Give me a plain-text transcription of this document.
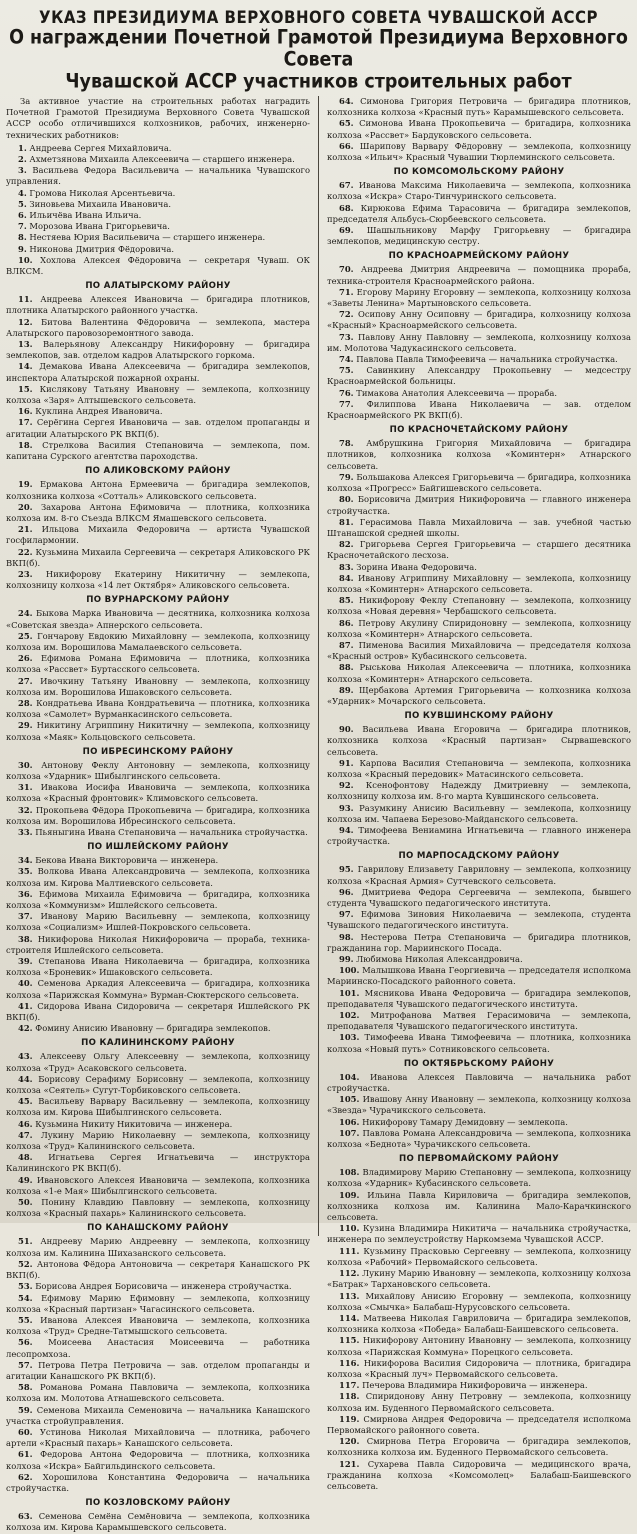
УКАЗ ПРЕЗИДИУМА ВЕРХОВНОГО СОВЕТА ЧУВАШСКОЙ АССР
О награждении Почетной Грамотой Президиума Верховного Совета
Чувашской АССР участников строительных работ

За активное участие на строительных работах наградить Почетной Грамотой Президиума Верховного Совета Чувашской АССР особо отличившихся колхозников, рабочих, инженерно-технических работников:

1. Андреева Сергея Михайловича.

2. Ахметзянова Михаила Алексеевича — старшего инженера.

3. Васильева Федора Васильевича — начальника Чувашского управления.

4. Громова Николая Арсентьевича.

5. Зиновьева Михаила Ивановича.

6. Ильичёва Ивана Ильича.

7. Морозова Ивана Григорьевича.

8. Нестяева Юрия Васильевича — старшего инженера.

9. Никонова Дмитрия Фёдоровича.

10. Хохлова Алексея Фёдоровича — секретаря Чуваш. ОК ВЛКСМ.

ПО АЛАТЫРСКОМУ РАЙОНУ

11. Андреева Алексея Ивановича — бригадира плотников, плотника Алатырского районного участка.

12. Битова Валентина Фёдоровича — землекопа, мастера Алатырского паровозоремонтного завода.

13. Валерьянову Александру Никифоровну — бригадира землекопов, зав. отделом кадров Алатырского горкома.

14. Демакова Ивана Алексеевича — бригадира землекопов, инспектора Алатырской пожарной охраны.

15. Кислякову Татьяну Ивановну — землекопа, колхозницу колхоза «Заря» Алтышевского сельсовета.

16. Куклина Андрея Ивановича.

17. Серёгина Сергея Ивановича — зав. отделом пропаганды и агитации Алатырского РК ВКП(б).

18. Стрелкова Василия Степановича — землекопа, пом. капитана Сурского агентства пароходства.

ПО АЛИКОВСКОМУ РАЙОНУ

19. Ермакова Антона Ермеевича — бригадира землекопов, колхозника колхоза «Сотталь» Аликовского сельсовета.

20. Захарова Антона Ефимовича — плотника, колхозника колхоза им. 8-го Съезда ВЛКСМ Ямашевского сельсовета.

21. Ильцова Михаила Федоровича — артиста Чувашской госфилармонии.

22. Кузьмина Михаила Сергеевича — секретаря Аликовского РК ВКП(б).

23. Никифорову Екатерину Никитичну — землекопа, колхозницу колхоза «14 лет Октября» Аликовского сельсовета.

ПО ВУРНАРСКОМУ РАЙОНУ

24. Быкова Марка Ивановича — десятника, колхозника колхоза «Советская звезда» Апнерского сельсовета.

25. Гончарову Евдокию Михайловну — землекопа, колхозницу колхоза им. Ворошилова Мамалаевского сельсовета.

26. Ефимова Романа Ефимовича — плотника, колхозника колхоза «Рассвет» Буртасского сельсовета.

27. Ивочкину Татьяну Ивановну — землекопа, колхозницу колхоза им. Ворошилова Ишаковского сельсовета.

28. Кондратьева Ивана Кондратьевича — плотника, колхозника колхоза «Самолет» Вурманкасинского сельсовета.

29. Никитину Агриппину Никитичну — землекопа, колхозницу колхоза «Маяк» Кольцовского сельсовета.

ПО ИБРЕСИНСКОМУ РАЙОНУ

30. Антонову Феклу Антоновну — землекопа, колхозницу колхоза «Ударник» Шибылгинского сельсовета.

31. Ивакова Иосифа Ивановича — землекопа, колхозника колхоза «Красный фронтовик» Климовского сельсовета.

32. Прокопьева Фёдора Прокопьевича — бригадира, колхозника колхоза им. Ворошилова Ибресинского сельсовета.

33. Пьяныгина Ивана Степановича — начальника стройучастка.

ПО ИШЛЕЙСКОМУ РАЙОНУ

34. Бекова Ивана Викторовича — инженера.

35. Волкова Ивана Александровича — землекопа, колхозника колхоза им. Кирова Малтиевского сельсовета.

36. Ефимова Михаила Ефимовича — бригадира, колхозника колхоза «Коммунизм» Ишлейского сельсовета.

37. Иванову Марию Васильевну — землекопа, колхозницу колхоза «Социализм» Ишлей-Покровского сельсовета.

38. Никифорова Николая Никифоровича — прораба, техника-строителя Ишлейского сельсовета.

39. Степанова Ивана Николаевича — бригадира, колхозника колхоза «Броневик» Ишаковского сельсовета.

40. Семенова Аркадия Алексеевича — бригадира, колхозника колхоза «Парижская Коммуна» Вурман-Сюктерского сельсовета.

41. Сидорова Ивана Сидоровича — секретаря Ишлейского РК ВКП(б).

42. Фомину Анисию Ивановну — бригадира землекопов.

ПО КАЛИНИНСКОМУ РАЙОНУ

43. Алексееву Ольгу Алексеевну — землекопа, колхозницу колхоза «Труд» Асаковского сельсовета.

44. Борисову Серафиму Борисовну — землекопа, колхозницу колхоза «Сеятель» Сугут-Торбиковского сельсовета.

45. Васильеву Варвару Васильевну — землекопа, колхозницу колхоза им. Кирова Шибылгинского сельсовета.

46. Кузьмина Никиту Никитовича — инженера.

47. Лукину Марию Николаевну — землекопа, колхозницу колхоза «Труд» Калининского сельсовета.

48. Игнатьева Сергея Игнатьевича — инструктора Калининского РК ВКП(б).

49. Ивановского Алексея Ивановича — землекопа, колхозника колхоза «1-е Мая» Шибылгинского сельсовета.

50. Понину Клавдию Павловну — землекопа, колхозницу колхоза «Красный пахарь» Калининского сельсовета.

ПО КАНАШСКОМУ РАЙОНУ

51. Андрееву Марию Андреевну — землекопа, колхозницу колхоза им. Калинина Шихазанского сельсовета.

52. Антонова Фёдора Антоновича — секретаря Канашского РК ВКП(б).

53. Борисова Андрея Борисовича — инженера стройучастка.

54. Ефимову Марию Ефимовну — землекопа, колхозницу колхоза «Красный партизан» Чагасинского сельсовета.

55. Иванова Алексея Ивановича — землекопа, колхозника колхоза «Труд» Средне-Татмышского сельсовета.

56. Моисеева Анастасия Моисеевича — работника лесопромхоза.

57. Петрова Петра Петровича — зав. отделом пропаганды и агитации Канашского РК ВКП(б).

58. Романова Романа Павловича — землекопа, колхозника колхоза им. Молотова Атнашевского сельсовета.

59. Семенова Михаила Семеновича — начальника Канашского участка стройуправления.

60. Устинова Николая Михайловича — плотника, рабочего артели «Красный пахарь» Канашского сельсовета.

61. Федорова Антона Федоровича — плотника, колхозника колхоза «Искра» Байгильдинского сельсовета.

62. Хорошилова Константина Федоровича — начальника стройучастка.

ПО КОЗЛОВСКОМУ РАЙОНУ

63. Семенова Семёна Семёновича — землекопа, колхозника колхоза им. Кирова Карамышевского сельсовета.

64. Симонова Григория Петровича — бригадира плотников, колхозника колхоза «Красный путь» Карамышевского сельсовета.

65. Симонова Ивана Прокопьевича — бригадира, колхозника колхоза «Рассвет» Бардуковского сельсовета.

66. Шарипову Варвару Фёдоровну — землекопа, колхозницу колхоза «Ильич» Красный Чувашии Тюрлеминского сельсовета.

ПО КОМСОМОЛЬСКОМУ РАЙОНУ

67. Иванова Максима Николаевича — землекопа, колхозника колхоза «Искра» Старо-Тинчуринского сельсовета.

68. Кирюкова Ефима Тарасовича — бригадира землекопов, председателя Альбусь-Сюрбеевского сельсовета.

69. Шашыльникову Марфу Григорьевну — бригадира землекопов, медицинскую сестру.

ПО КРАСНОАРМЕЙСКОМУ РАЙОНУ

70. Андреева Дмитрия Андреевича — помощника прораба, техника-строителя Красноармейского района.

71. Егорову Марину Егоровну — землекопа, колхозницу колхоза «Заветы Ленина» Мартыновского сельсовета.

72. Осипову Анну Осиповну — бригадира, колхозницу колхоза «Красный» Красноармейского сельсовета.

73. Павлову Анну Павловну — землекопа, колхозницу колхоза им. Молотова Чадукасинского сельсовета.

74. Павлова Павла Тимофеевича — начальника стройучастка.

75. Савинкину Александру Прокопьевну — медсестру Красноармейской больницы.

76. Тимакова Анатолия Алексеевича — прораба.

77. Филиппова Ивана Николаевича — зав. отделом Красноармейского РК ВКП(б).

ПО КРАСНОЧЕТАЙСКОМУ РАЙОНУ

78. Амбрушкина Григория Михайловича — бригадира плотников, колхозника колхоза «Коминтерн» Атнарского сельсовета.

79. Большакова Алексея Григорьевича — бригадира, колхозника колхоза «Прогресс» Байгишевского сельсовета.

80. Борисовича Дмитрия Никифоровича — главного инженера стройучастка.

81. Герасимова Павла Михайловича — зав. учебной частью Штанашской средней школы.

82. Григорьева Сергея Григорьевича — старшего десятника Красночетайского лесхоза.

83. Зорина Ивана Федоровича.

84. Иванову Агриппину Михайловну — землекопа, колхозницу колхоза «Коминтерн» Атнарского сельсовета.

85. Никифорову Феклу Степановну — землекопа, колхозницу колхоза «Новая деревня» Чербашского сельсовета.

86. Петрову Акулину Спиридоновну — землекопа, колхозницу колхоза «Коминтерн» Атнарского сельсовета.

87. Пименова Василия Михайловича — председателя колхоза «Красный остров» Кубасинского сельсовета.

88. Рыськова Николая Алексеевича — плотника, колхозника колхоза «Коминтерн» Атнарского сельсовета.

89. Щербакова Артемия Григорьевича — колхозника колхоза «Ударник» Мочарского сельсовета.

ПО КУВШИНСКОМУ РАЙОНУ

90. Васильева Ивана Егоровича — бригадира плотников, колхозника колхоза «Красный партизан» Сырвашевского сельсовета.

91. Карпова Василия Степановича — землекопа, колхозника колхоза «Красный передовик» Матасинского сельсовета.

92. Ксенофонтову Надежду Дмитриевну — землекопа, колхозницу колхоза им. 8-го марта Кувшинского сельсовета.

93. Разумкину Анисию Васильевну — землекопа, колхозницу колхоза им. Чапаева Березово-Майданского сельсовета.

94. Тимофеева Вениамина Игнатьевича — главного инженера стройучастка.

ПО МАРПОСАДСКОМУ РАЙОНУ

95. Гаврилову Елизавету Гавриловну — землекопа, колхозницу колхоза «Красная Армия» Сутчевского сельсовета.

96. Дмитриева Федора Сергеевича — землекопа, бывшего студента Чувашского педагогического института.

97. Ефимова Зиновия Николаевича — землекопа, студента Чувашского педагогического института.

98. Нестерова Петра Степановича — бригадира плотников, гражданина гор. Мариинского Посада.

99. Любимова Николая Александровича.

100. Малышкова Ивана Георгиевича — председателя исполкома Мариинско-Посадского районного совета.

101. Мясникова Ивана Федоровича — бригадира землекопов, преподавателя Чувашского педагогического института.

102. Митрофанова Матвея Герасимовича — землекопа, преподавателя Чувашского педагогического института.

103. Тимофеева Ивана Тимофеевича — плотника, колхозника колхоза «Новый путь» Сотниковского сельсовета.

ПО ОКТЯБРЬСКОМУ РАЙОНУ

104. Иванова Алексея Павловича — начальника работ стройучастка.

105. Ивашову Анну Ивановну — землекопа, колхозницу колхоза «Звезда» Чурачикского сельсовета.

106. Никифорову Тамару Демидовну — землекопа.

107. Павлова Романа Александровича — землекопа, колхозника колхоза «Беднота» Чурачикского сельсовета.

ПО ПЕРВОМАЙСКОМУ РАЙОНУ

108. Владимирову Марию Степановну — землекопа, колхозницу колхоза «Ударник» Кубасинского сельсовета.

109. Ильина Павла Кириловича — бригадира землекопов, колхозника колхоза им. Калинина Мало-Карачкинского сельсовета.

110. Кузина Владимира Никитича — начальника стройучастка, инженера по землеустройству Наркомзема Чувашской АССР.

111. Кузьмину Прасковью Сергеевну — землекопа, колхозницу колхоза «Рабочий» Первомайского сельсовета.

112. Лукину Марию Ивановну — землекопа, колхозницу колхоза «Батрак» Тархановского сельсовета.

113. Михайлову Анисию Егоровну — землекопа, колхозницу колхоза «Смычка» Балабаш-Нурусовского сельсовета.

114. Матвеева Николая Гавриловича — бригадира землекопов, колхозника колхоза «Победа» Балабаш-Баишевского сельсовета.

115. Никифорову Антонину Ивановну — землекопа, колхозницу колхоза «Парижская Коммуна» Порецкого сельсовета.

116. Никифорова Василия Сидоровича — плотника, бригадира колхоза «Красный луч» Первомайского сельсовета.

117. Печерова Владимира Никифоровича — инженера.

118. Спиридонову Анну Петровну — землекопа, колхозницу колхоза им. Буденного Первомайского сельсовета.

119. Смирнова Андрея Федоровича — председателя исполкома Первомайского районного совета.

120. Смирнова Петра Егоровича — бригадира землекопов, колхозника колхоза им. Буденного Первомайского сельсовета.

121. Сухарева Павла Сидоровича — медицинского врача, гражданина колхоза «Комсомолец» Балабаш-Баишевского сельсовета.
